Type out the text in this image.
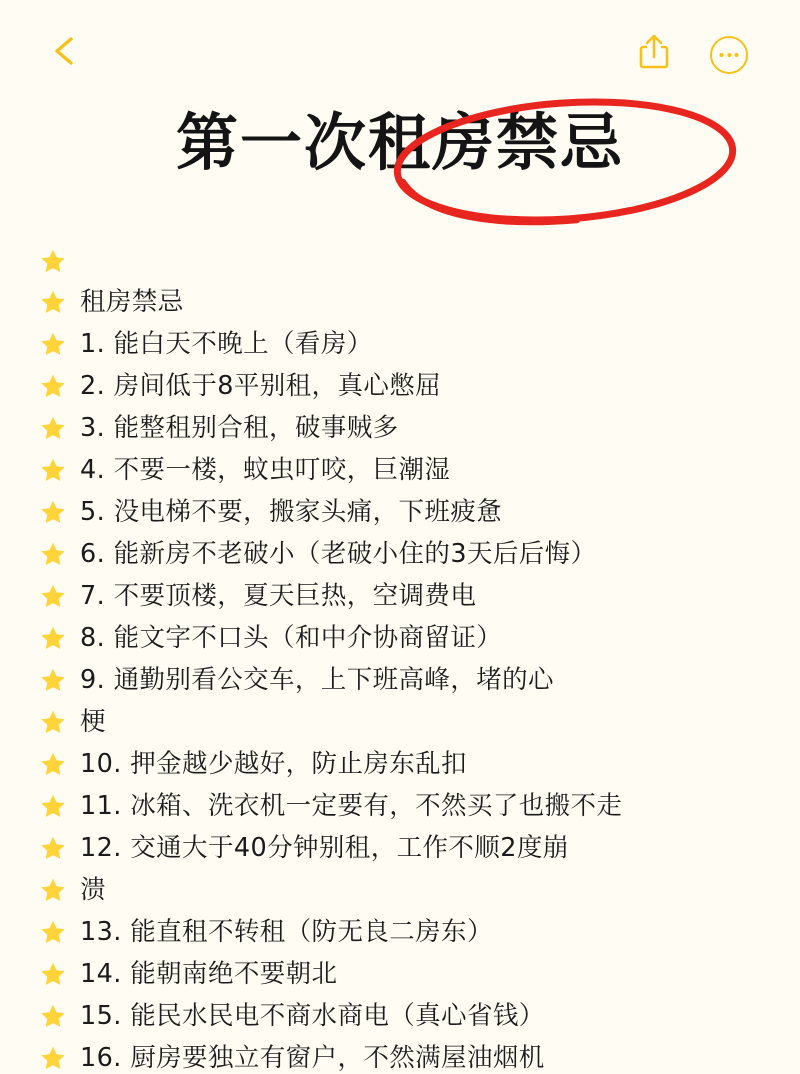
第一次租房禁忌
租房禁忌
1. 能白天不晚上（看房）
2. 房间低于8平别租，真心憋屈
3. 能整租别合租，破事贼多
4. 不要一楼，蚊虫叮咬，巨潮湿
5. 没电梯不要，搬家头痛，下班疲惫
6. 能新房不老破小（老破小住的3天后后悔）
7. 不要顶楼，夏天巨热，空调费电
8. 能文字不口头（和中介协商留证）
9. 通勤别看公交车，上下班高峰，堵的心
梗
10. 押金越少越好，防止房东乱扣
11. 冰箱、洗衣机一定要有，不然买了也搬不走
12. 交通大于40分钟别租，工作不顺2度崩
溃
13. 能直租不转租（防无良二房东）
14. 能朝南绝不要朝北
15. 能民水民电不商水商电（真心省钱）
16. 厨房要独立有窗户，不然满屋油烟机
